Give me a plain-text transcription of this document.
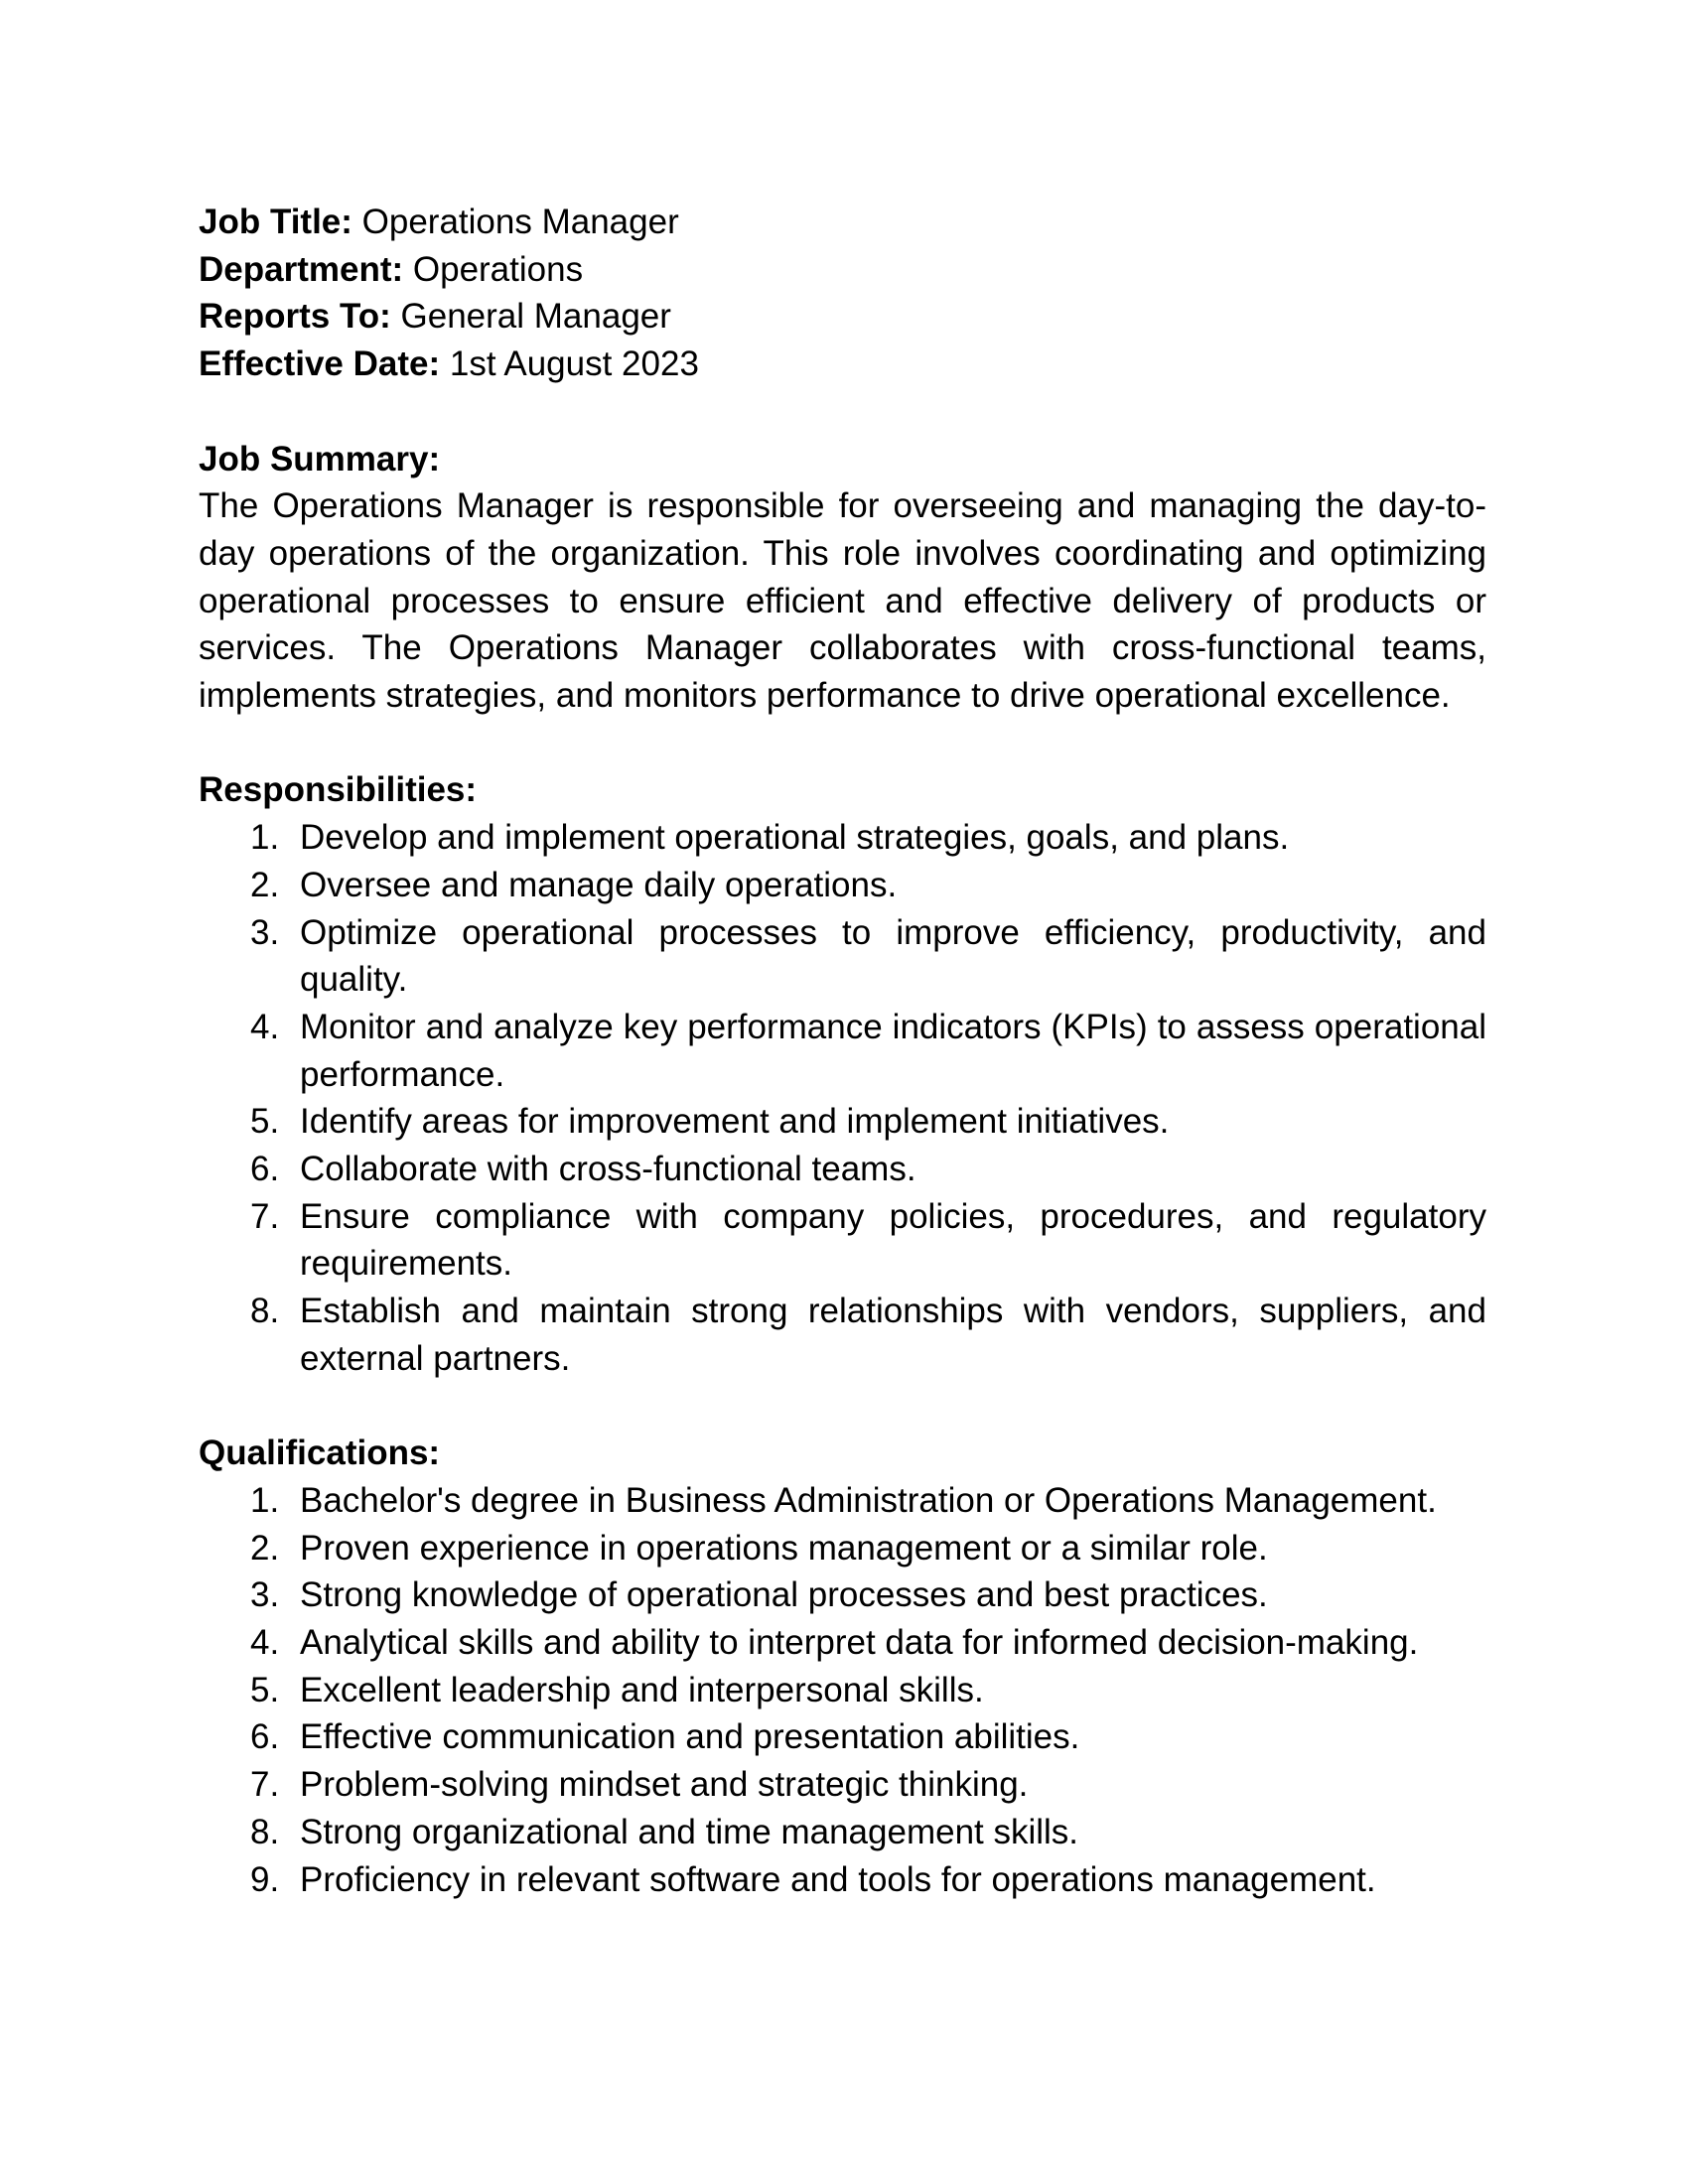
Job Title: Operations Manager
Department: Operations
Reports To: General Manager
Effective Date: 1st August 2023
Job Summary:
The Operations Manager is responsible for overseeing and managing the day-to-day operations of the organization. This role involves coordinating and optimizing operational processes to ensure efficient and effective delivery of products or services. The Operations Manager collaborates with cross-functional teams, implements strategies, and monitors performance to drive operational excellence.
Responsibilities:
1. Develop and implement operational strategies, goals, and plans.
2. Oversee and manage daily operations.
3. Optimize operational processes to improve efficiency, productivity, and quality.
4. Monitor and analyze key performance indicators (KPIs) to assess operational performance.
5. Identify areas for improvement and implement initiatives.
6. Collaborate with cross-functional teams.
7. Ensure compliance with company policies, procedures, and regulatory requirements.
8. Establish and maintain strong relationships with vendors, suppliers, and external partners.
Qualifications:
1. Bachelor's degree in Business Administration or Operations Management.
2. Proven experience in operations management or a similar role.
3. Strong knowledge of operational processes and best practices.
4. Analytical skills and ability to interpret data for informed decision-making.
5. Excellent leadership and interpersonal skills.
6. Effective communication and presentation abilities.
7. Problem-solving mindset and strategic thinking.
8. Strong organizational and time management skills.
9. Proficiency in relevant software and tools for operations management.
